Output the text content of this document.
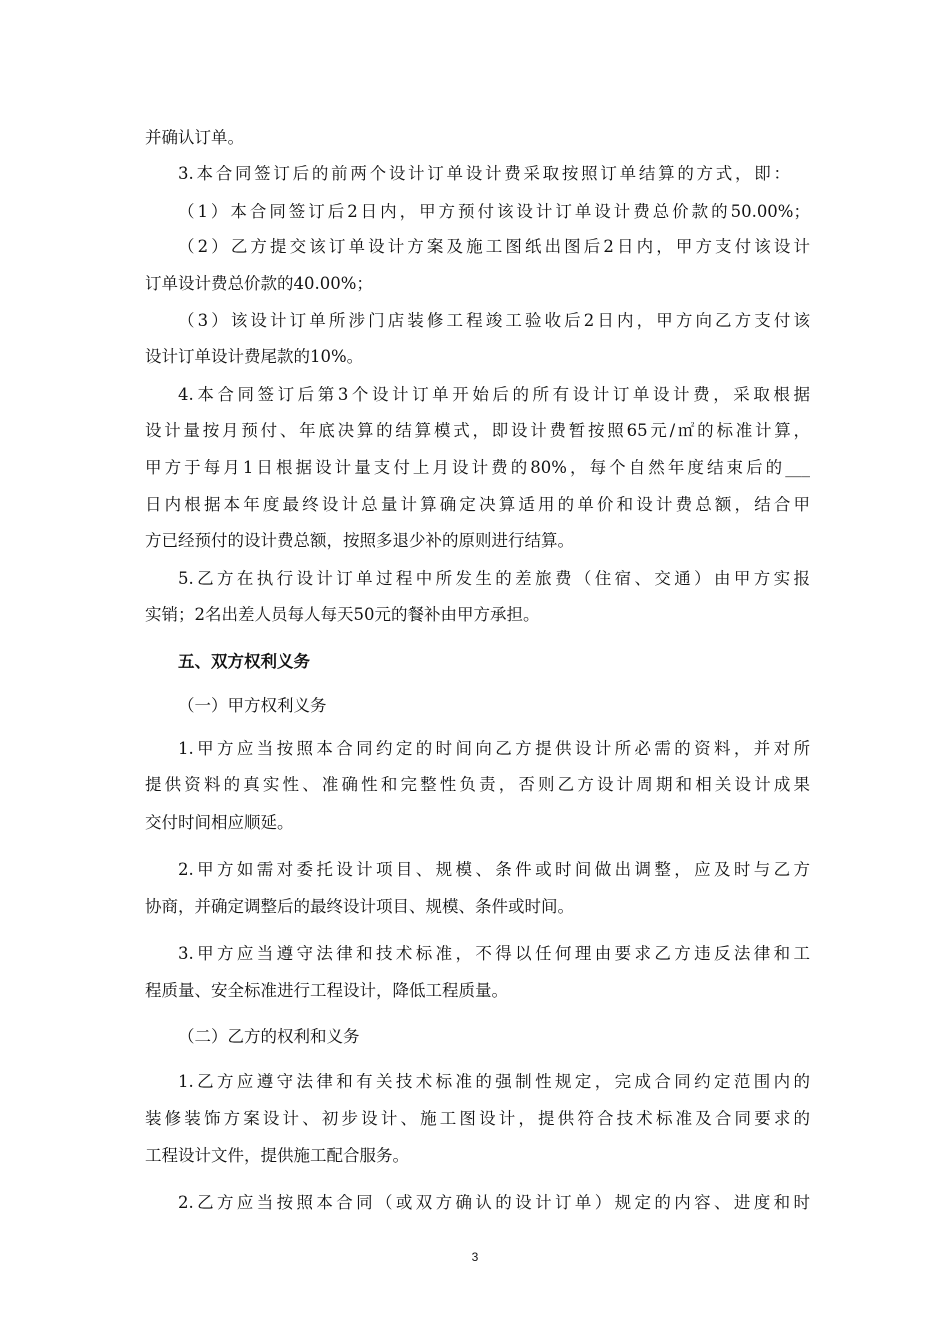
并确认订单。
3.本合同签订后的前两个设计订单设计费采取按照订单结算的方式，即：
（1）本合同签订后2日内，甲方预付该设计订单设计费总价款的50.00%；
（2）乙方提交该订单设计方案及施工图纸出图后2日内，甲方支付该设计
订单设计费总价款的40.00%；
（3）该设计订单所涉门店装修工程竣工验收后2日内，甲方向乙方支付该
设计订单设计费尾款的10%。
4.本合同签订后第3个设计订单开始后的所有设计订单设计费，采取根据
设计量按月预付、年底决算的结算模式，即设计费暂按照65元/㎡的标准计算，
甲方于每月1日根据设计量支付上月设计费的80%，每个自然年度结束后的___
日内根据本年度最终设计总量计算确定决算适用的单价和设计费总额，结合甲
方已经预付的设计费总额，按照多退少补的原则进行结算。
5.乙方在执行设计订单过程中所发生的差旅费（住宿、交通）由甲方实报
实销；2名出差人员每人每天50元的餐补由甲方承担。
五、双方权利义务
（一）甲方权利义务
1.甲方应当按照本合同约定的时间向乙方提供设计所必需的资料，并对所
提供资料的真实性、准确性和完整性负责，否则乙方设计周期和相关设计成果
交付时间相应顺延。
2.甲方如需对委托设计项目、规模、条件或时间做出调整，应及时与乙方
协商，并确定调整后的最终设计项目、规模、条件或时间。
3.甲方应当遵守法律和技术标准，不得以任何理由要求乙方违反法律和工
程质量、安全标准进行工程设计，降低工程质量。
（二）乙方的权利和义务
1.乙方应遵守法律和有关技术标准的强制性规定，完成合同约定范围内的
装修装饰方案设计、初步设计、施工图设计，提供符合技术标准及合同要求的
工程设计文件，提供施工配合服务。
2.乙方应当按照本合同（或双方确认的设计订单）规定的内容、进度和时
3
